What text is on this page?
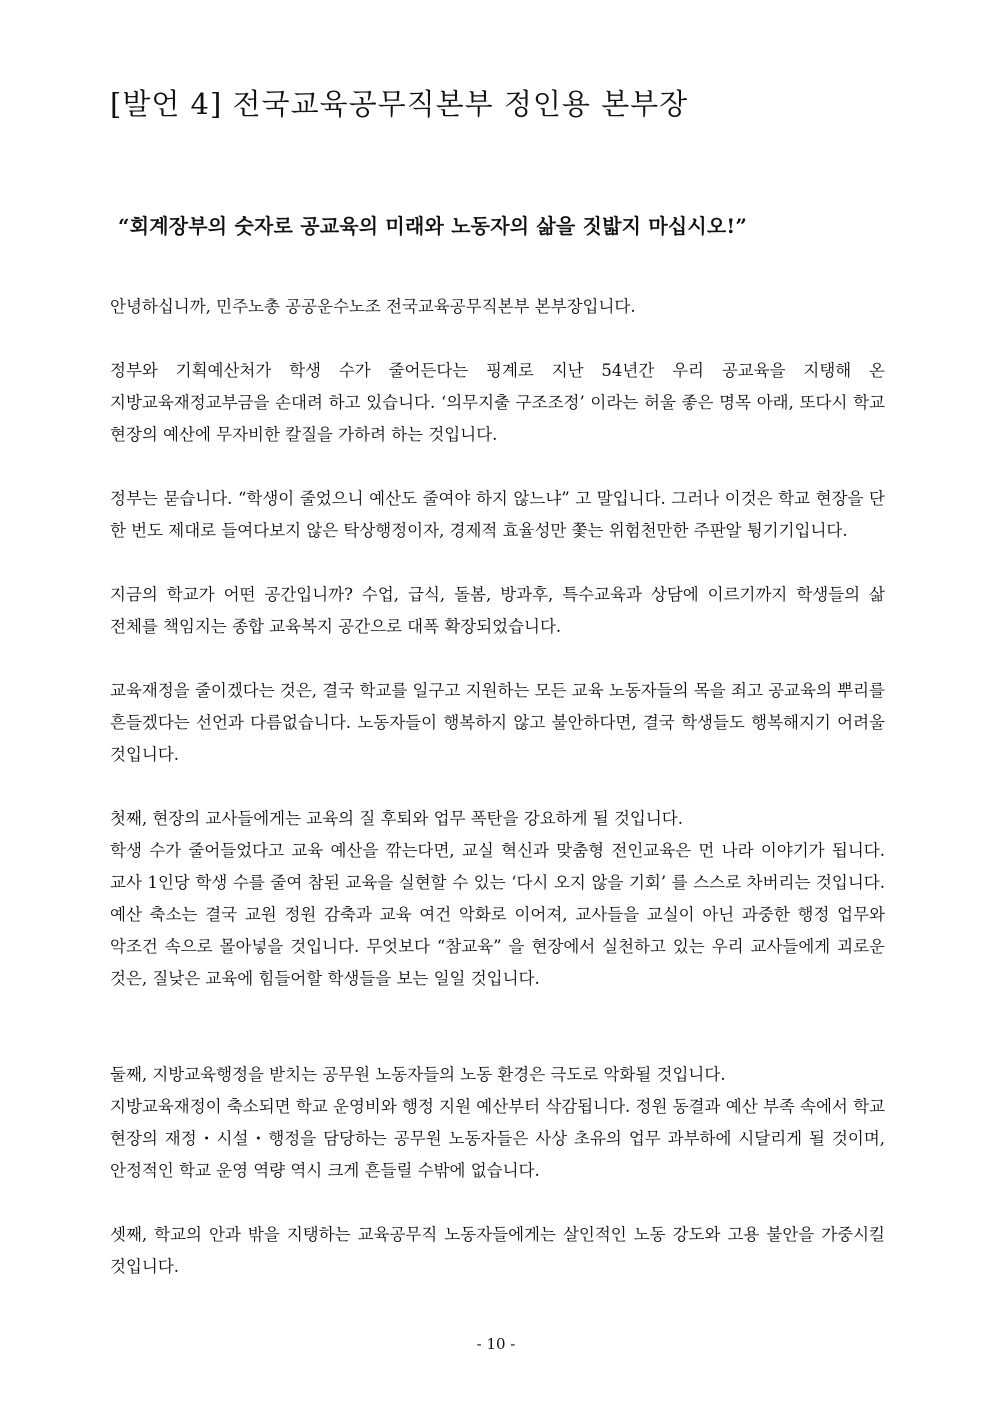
[발언 4] 전국교육공무직본부 정인용 본부장
“회계장부의 숫자로 공교육의 미래와 노동자의 삶을 짓밟지 마십시오!”

안녕하십니까, 민주노총 공공운수노조 전국교육공무직본부 본부장입니다.

정부와 기획예산처가 학생 수가 줄어든다는 핑계로 지난 54년간 우리 공교육을 지탱해 온 지방교육재정교부금을 손대려 하고 있습니다. ‘의무지출 구조조정’ 이라는 허울 좋은 명목 아래, 또다시 학교 현장의 예산에 무자비한 칼질을 가하려 하는 것입니다.

정부는 묻습니다. “학생이 줄었으니 예산도 줄여야 하지 않느냐” 고 말입니다. 그러나 이것은 학교 현장을 단 한 번도 제대로 들여다보지 않은 탁상행정이자, 경제적 효율성만 쫓는 위험천만한 주판알 튕기기입니다.

지금의 학교가 어떤 공간입니까? 수업, 급식, 돌봄, 방과후, 특수교육과 상담에 이르기까지 학생들의 삶 전체를 책임지는 종합 교육복지 공간으로 대폭 확장되었습니다.

교육재정을 줄이겠다는 것은, 결국 학교를 일구고 지원하는 모든 교육 노동자들의 목을 죄고 공교육의 뿌리를 흔들겠다는 선언과 다름없습니다. 노동자들이 행복하지 않고 불안하다면, 결국 학생들도 행복해지기 어려울 것입니다.

첫째, 현장의 교사들에게는 교육의 질 후퇴와 업무 폭탄을 강요하게 될 것입니다.

학생 수가 줄어들었다고 교육 예산을 깎는다면, 교실 혁신과 맞춤형 전인교육은 먼 나라 이야기가 됩니다. 교사 1인당 학생 수를 줄여 참된 교육을 실현할 수 있는 ‘다시 오지 않을 기회’ 를 스스로 차버리는 것입니다. 예산 축소는 결국 교원 정원 감축과 교육 여건 악화로 이어져, 교사들을 교실이 아닌 과중한 행정 업무와 악조건 속으로 몰아넣을 것입니다. 무엇보다 “참교육” 을 현장에서 실천하고 있는 우리 교사들에게 괴로운 것은, 질낮은 교육에 힘들어할 학생들을 보는 일일 것입니다.

둘째, 지방교육행정을 받치는 공무원 노동자들의 노동 환경은 극도로 악화될 것입니다.

지방교육재정이 축소되면 학교 운영비와 행정 지원 예산부터 삭감됩니다. 정원 동결과 예산 부족 속에서 학교 현장의 재정・시설・행정을 담당하는 공무원 노동자들은 사상 초유의 업무 과부하에 시달리게 될 것이며, 안정적인 학교 운영 역량 역시 크게 흔들릴 수밖에 없습니다.

셋째, 학교의 안과 밖을 지탱하는 교육공무직 노동자들에게는 살인적인 노동 강도와 고용 불안을 가중시킬 것입니다.

- 10 -
